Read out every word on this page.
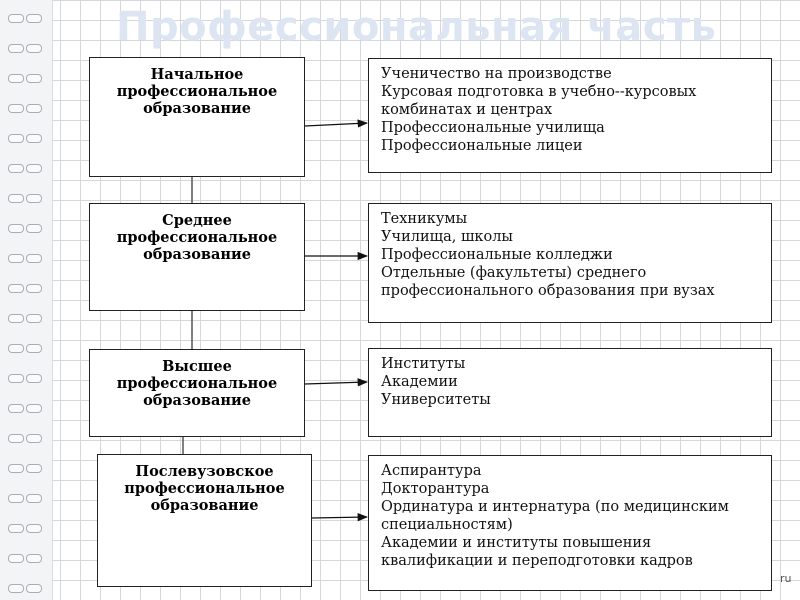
Профессиональная часть
Начальное
профессиональное
образование
Ученичество на производстве
Курсовая подготовка в учебно--курсовых комбинатах и центрах
Профессиональные училища
Профессиональные лицеи
Среднее
профессиональное
образование
Техникумы
Училища, школы
Профессиональные колледжи
Отдельные (факультеты) среднего профессионального образования при вузах
Высшее
профессиональное
образование
Институты
Академии
Университеты
Послевузовское
профессиональное
образование
Аспирантура
Докторантура
Ординатура и интернатура (по медицинским специальностям)
Академии и институты повышения квалификации и переподготовки кадров
ru
